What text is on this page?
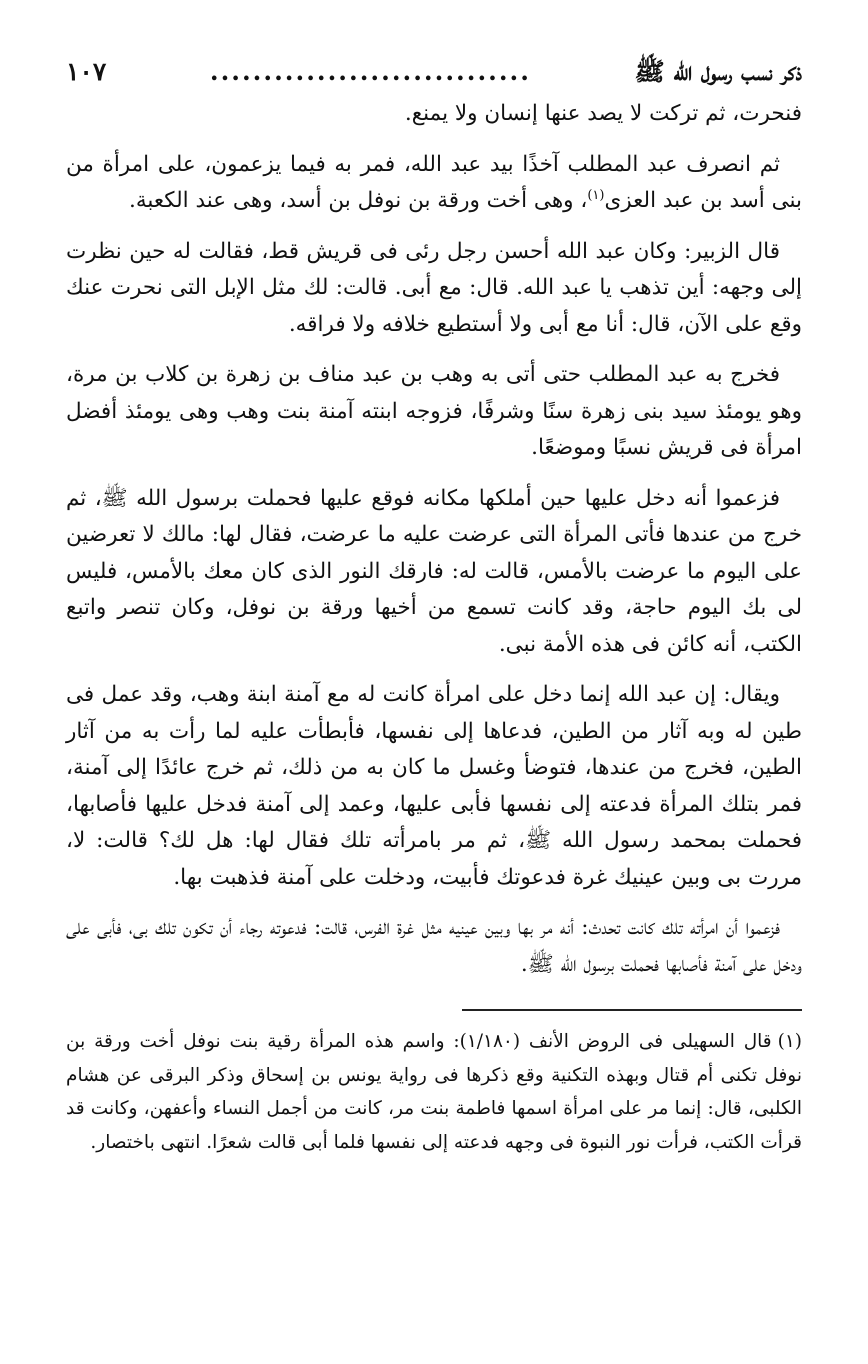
ذكر نسب رسول الله ﷺ
..............................
١٠٧

فنحرت، ثم تركت لا يصد عنها إنسان ولا يمنع.

ثم انصرف عبد المطلب آخذًا بيد عبد الله، فمر به فيما يزعمون، على امرأة من بنى أسد بن عبد العزى$^{(١)}$، وهى أخت ورقة بن نوفل بن أسد، وهى عند الكعبة.

قال الزبير: وكان عبد الله أحسن رجل رئى فى قريش قط، فقالت له حين نظرت إلى وجهه: أين تذهب يا عبد الله. قال: مع أبى. قالت: لك مثل الإبل التى نحرت عنك وقع على الآن، قال: أنا مع أبى ولا أستطيع خلافه ولا فراقه.

فخرج به عبد المطلب حتى أتى به وهب بن عبد مناف بن زهرة بن كلاب بن مرة، وهو يومئذ سيد بنى زهرة سنًا وشرفًا، فزوجه ابنته آمنة بنت وهب وهى يومئذ أفضل امرأة فى قريش نسبًا وموضعًا.

فزعموا أنه دخل عليها حين أملكها مكانه فوقع عليها فحملت برسول الله ﷺ، ثم خرج من عندها فأتى المرأة التى عرضت عليه ما عرضت، فقال لها: مالك لا تعرضين على اليوم ما عرضت بالأمس، قالت له: فارقك النور الذى كان معك بالأمس، فليس لى بك اليوم حاجة، وقد كانت تسمع من أخيها ورقة بن نوفل، وكان تنصر واتبع الكتب، أنه كائن فى هذه الأمة نبى.

ويقال: إن عبد الله إنما دخل على امرأة كانت له مع آمنة ابنة وهب، وقد عمل فى طين له وبه آثار من الطين، فدعاها إلى نفسها، فأبطأت عليه لما رأت به من آثار الطين، فخرج من عندها، فتوضأ وغسل ما كان به من ذلك، ثم خرج عائدًا إلى آمنة، فمر بتلك المرأة فدعته إلى نفسها فأبى عليها، وعمد إلى آمنة فدخل عليها فأصابها، فحملت بمحمد رسول الله ﷺ، ثم مر بامرأته تلك فقال لها: هل لك؟ قالت: لا، مررت بى وبين عينيك غرة فدعوتك فأبيت، ودخلت على آمنة فذهبت بها.

فزعموا أن امرأته تلك كانت تحدث: أنه مر بها وبين عينيه مثل غرة الفرس، قالت: فدعوته رجاء أن تكون تلك بى، فأبى على ودخل على آمنة فأصابها فحملت برسول الله ﷺ.

(١)قال السهيلى فى الروض الأنف (١/١٨٠): واسم هذه المرأة رقية بنت نوفل أخت ورقة بن نوفل تكنى أم قتال وبهذه التكنية وقع ذكرها فى رواية يونس بن إسحاق وذكر البرقى عن هشام الكلبى، قال: إنما مر على امرأة اسمها فاطمة بنت مر، كانت من أجمل النساء وأعفهن، وكانت قد قرأت الكتب، فرأت نور النبوة فى وجهه فدعته إلى نفسها فلما أبى قالت شعرًا. انتهى باختصار.
